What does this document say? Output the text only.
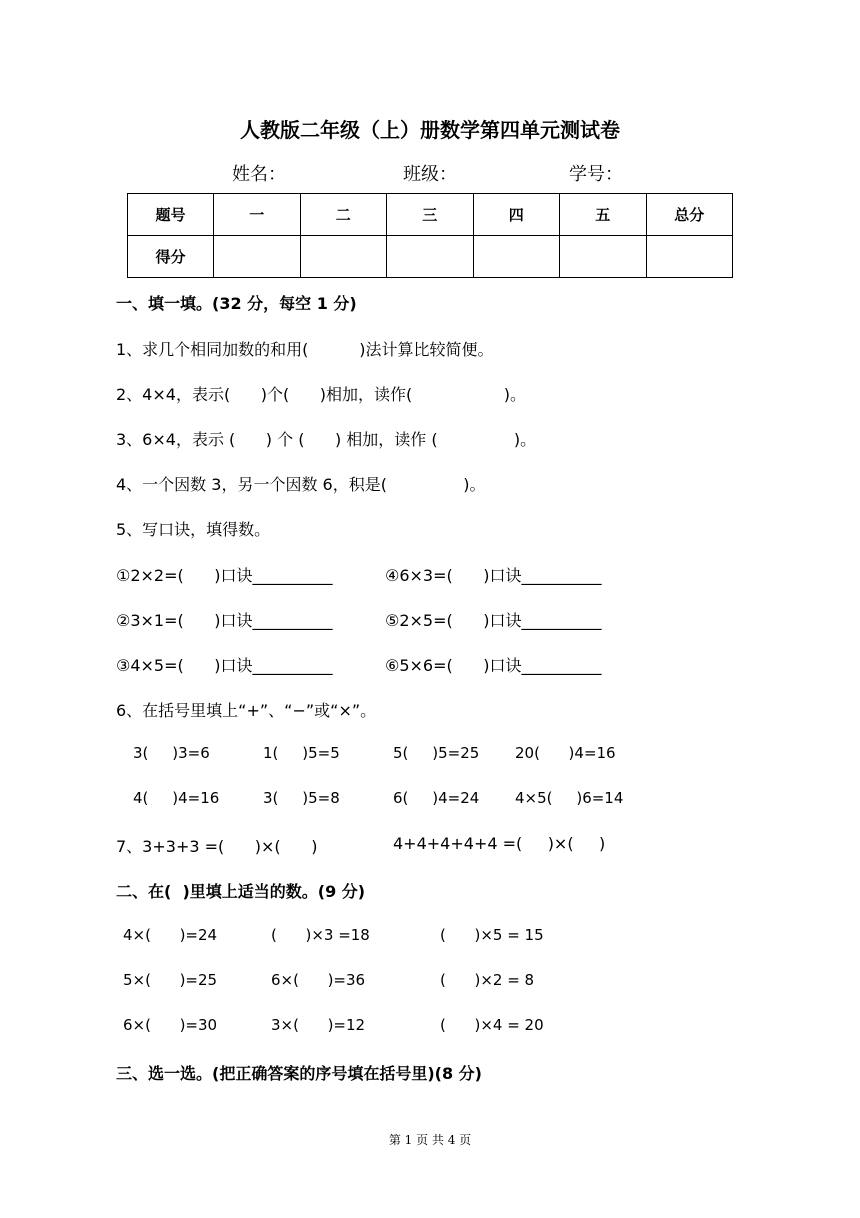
人教版二年级（上）册数学第四单元测试卷
姓名：	班级：	学号：
题号	一	二	三	四	五	总分
得分						
一、填一填。(32 分，每空 1 分)
1、求几个相同加数的和用(          )法计算比较简便。
2、4×4，表示(      )个(      )相加，读作(                  )。
3、6×4，表示 (      ) 个 (      ) 相加，读作 (               )。
4、一个因数 3，另一个因数 6，积是(               )。
5、写口诀，填得数。
①2×2=(      )口诀__________	④6×3=(      )口诀__________
②3×1=(      )口诀__________	⑤2×5=(      )口诀__________
③4×5=(      )口诀__________	⑥5×6=(      )口诀__________
6、在括号里填上“+”、“−”或“×”。
3(     )3=6	1(     )5=5	5(     )5=25 20(      )4=16
4(     )4=16	3(     )5=8	6(     )4=24 4×5(     )6=14
7、3+3+3 =(      )×(      )	4+4+4+4+4 =(     )×(     )
二、在(  )里填上适当的数。(9 分)
4×(      )=24	(      )×3 =18	(      )×5 = 15
5×(      )=25	6×(      )=36	(      )×2 = 8
6×(      )=30	3×(      )=12	(      )×4 = 20
三、选一选。(把正确答案的序号填在括号里)(8 分)
第 1 页 共 4 页
